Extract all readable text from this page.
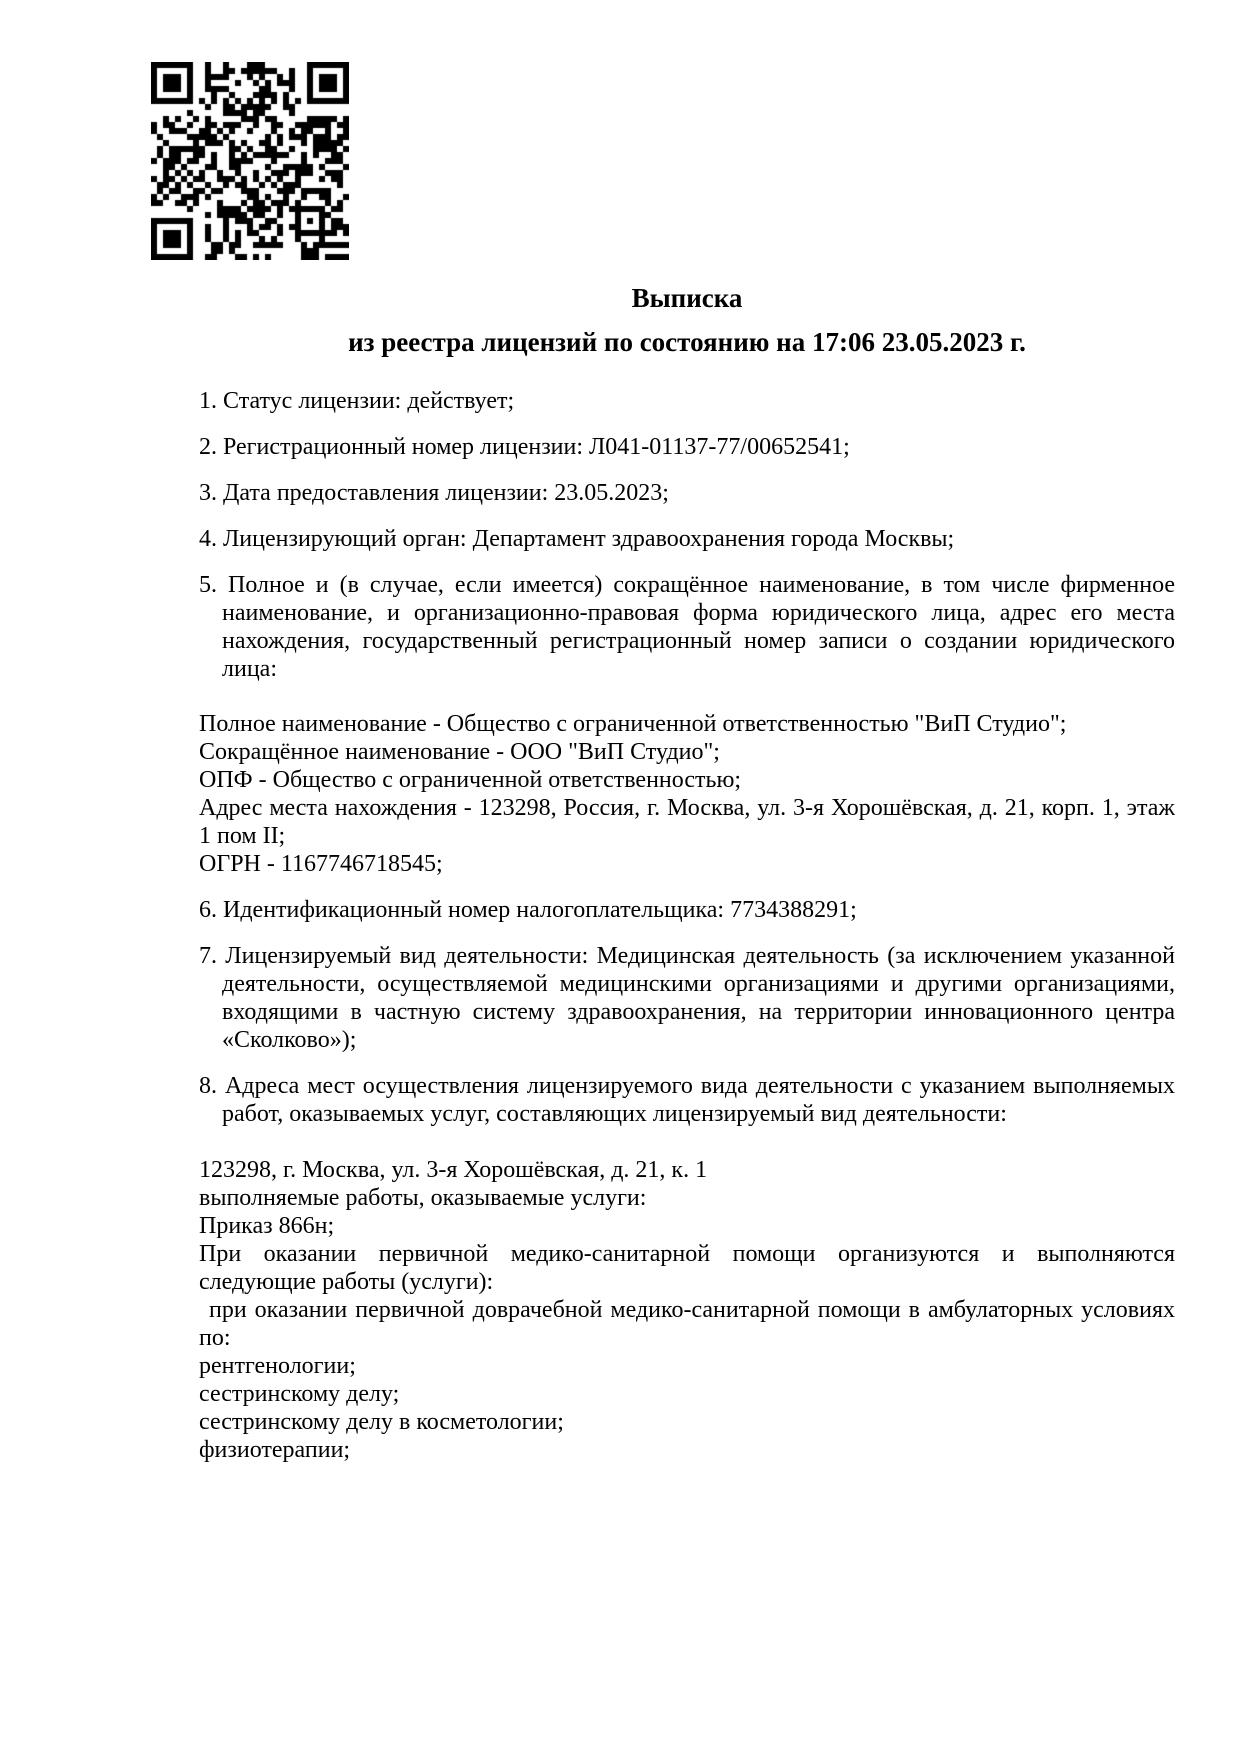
Выписка
из реестра лицензий по состоянию на 17:06 23.05.2023 г.
1. Статус лицензии: действует;
2. Регистрационный номер лицензии: Л041-01137-77/00652541;
3. Дата предоставления лицензии: 23.05.2023;
4. Лицензирующий орган: Департамент здравоохранения города Москвы;
5. Полное и (в случае, если имеется) сокращённое наименование, в том числе фирменное наименование, и организационно-правовая форма юридического лица, адрес его места нахождения, государственный регистрационный номер записи о создании юридического лица:

Полное наименование - Общество с ограниченной ответственностью "ВиП Студио";

Сокращённое наименование - ООО "ВиП Студио";

ОПФ - Общество с ограниченной ответственностью;

Адрес места нахождения - 123298, Россия, г. Москва, ул. 3-я Хорошёвская, д. 21, корп. 1, этаж 1 пом II;

ОГРН - 1167746718545;

6. Идентификационный номер налогоплательщика: 7734388291;
7. Лицензируемый вид деятельности: Медицинская деятельность (за исключением указанной деятельности, осуществляемой медицинскими организациями и другими организациями, входящими в частную систему здравоохранения, на территории инновационного центра «Сколково»);
8. Адреса мест осуществления лицензируемого вида деятельности с указанием выполняемых работ, оказываемых услуг, составляющих лицензируемый вид деятельности:

123298, г. Москва, ул. 3-я Хорошёвская, д. 21, к. 1

выполняемые работы, оказываемые услуги:

Приказ 866н;

При оказании первичной медико-санитарной помощи организуются и выполняются следующие работы (услуги):

при оказании первичной доврачебной медико-санитарной помощи в амбулаторных условиях по:

рентгенологии;

сестринскому делу;

сестринскому делу в косметологии;

физиотерапии;
